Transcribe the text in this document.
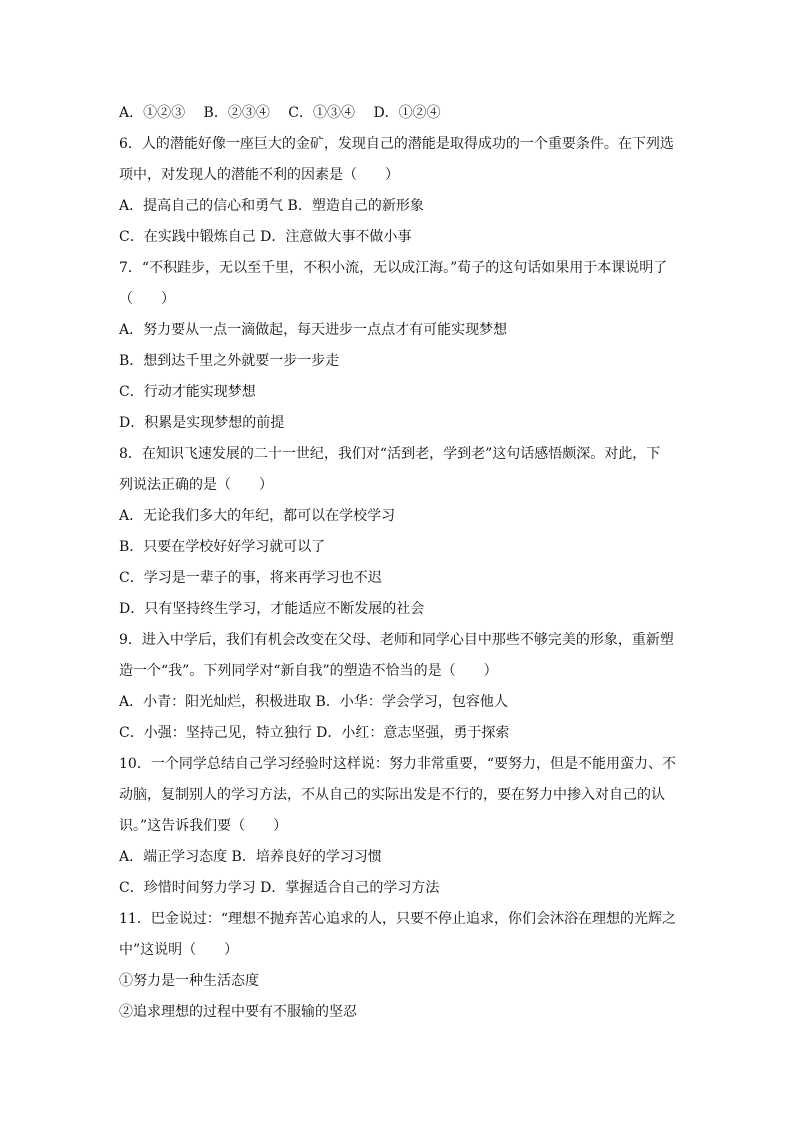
A．①②③　 B．②③④　 C．①③④　 D．①②④
6．人的潜能好像一座巨大的金矿，发现自己的潜能是取得成功的一个重要条件。在下列选
项中，对发现人的潜能不利的因素是（　　）
A．提高自己的信心和勇气 B．塑造自己的新形象
C．在实践中锻炼自己 D．注意做大事不做小事
7．“不积跬步，无以至千里，不积小流，无以成江海。”荀子的这句话如果用于本课说明了
（　　）
A．努力要从一点一滴做起，每天进步一点点才有可能实现梦想
B．想到达千里之外就要一步一步走
C．行动才能实现梦想
D．积累是实现梦想的前提
8．在知识飞速发展的二十一世纪，我们对“活到老，学到老”这句话感悟颇深。对此，下
列说法正确的是（　　）
A．无论我们多大的年纪，都可以在学校学习
B．只要在学校好好学习就可以了
C．学习是一辈子的事，将来再学习也不迟
D．只有坚持终生学习，才能适应不断发展的社会
9．进入中学后，我们有机会改变在父母、老师和同学心目中那些不够完美的形象，重新塑
造一个“我”。下列同学对“新自我”的塑造不恰当的是（　　）
A．小青：阳光灿烂，积极进取 B．小华：学会学习，包容他人
C．小强：坚持己见，特立独行 D．小红：意志坚强，勇于探索
10．一个同学总结自己学习经验时这样说：努力非常重要，“要努力，但是不能用蛮力、不
动脑，复制别人的学习方法，不从自己的实际出发是不行的，要在努力中掺入对自己的认
识。”这告诉我们要（　　）
A．端正学习态度 B．培养良好的学习习惯
C．珍惜时间努力学习 D．掌握适合自己的学习方法
11．巴金说过：“理想不抛弃苦心追求的人，只要不停止追求，你们会沐浴在理想的光辉之
中”这说明（　　）
①努力是一种生活态度
②追求理想的过程中要有不服输的坚忍
